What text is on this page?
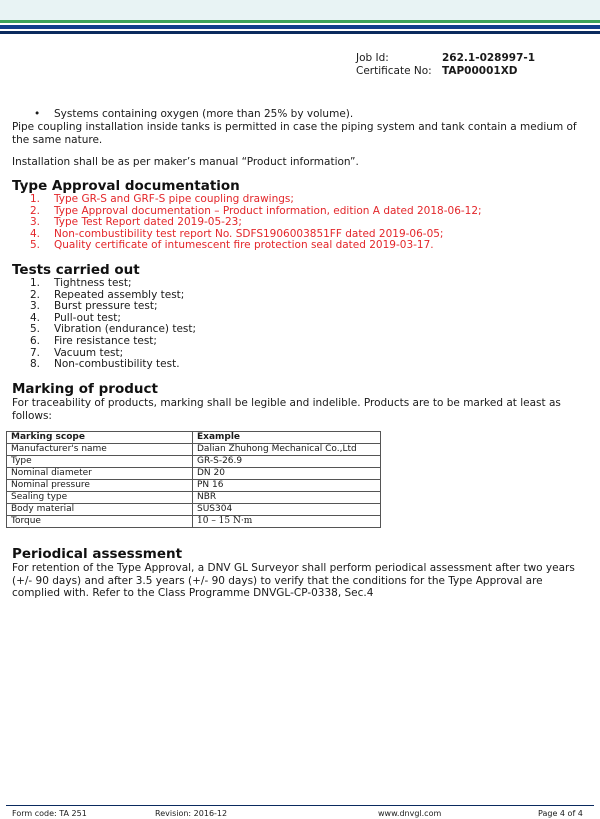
Job Id:	262.1-028997-1
Certificate No: TAP00001XD
• Systems containing oxygen (more than 25% by volume).
Pipe coupling installation inside tanks is permitted in case the piping system and tank contain a medium of the same nature.
Installation shall be as per maker’s manual “Product information”.
Type Approval documentation
1.	Type GR-S and GRF-S pipe coupling drawings;
2.	Type Approval documentation – Product information, edition A dated 2018-06-12;
3.	Type Test Report dated 2019-05-23;
4.	Non-combustibility test report No. SDFS1906003851FF dated 2019-06-05;
5.	Quality certificate of intumescent fire protection seal dated 2019-03-17.
Tests carried out
1.	Tightness test;
2.	Repeated assembly test;
3.	Burst pressure test;
4.	Pull-out test;
5.	Vibration (endurance) test;
6.	Fire resistance test;
7.	Vacuum test;
8.	Non-combustibility test.
Marking of product
For traceability of products, marking shall be legible and indelible. Products are to be marked at least as follows:
Marking scope	Example
Manufacturer's name	Dalian Zhuhong Mechanical Co.,Ltd
Type	GR-S-26.9
Nominal diameter	DN 20
Nominal pressure	PN 16
Sealing type	NBR
Body material	SUS304
Torque	10 – 15 N·m
Periodical assessment
For retention of the Type Approval, a DNV GL Surveyor shall perform periodical assessment after two years (+/- 90 days) and after 3.5 years (+/- 90 days) to verify that the conditions for the Type Approval are complied with. Refer to the Class Programme DNVGL-CP-0338, Sec.4
Form code: TA 251	Revision: 2016-12	www.dnvgl.com	Page 4 of 4
